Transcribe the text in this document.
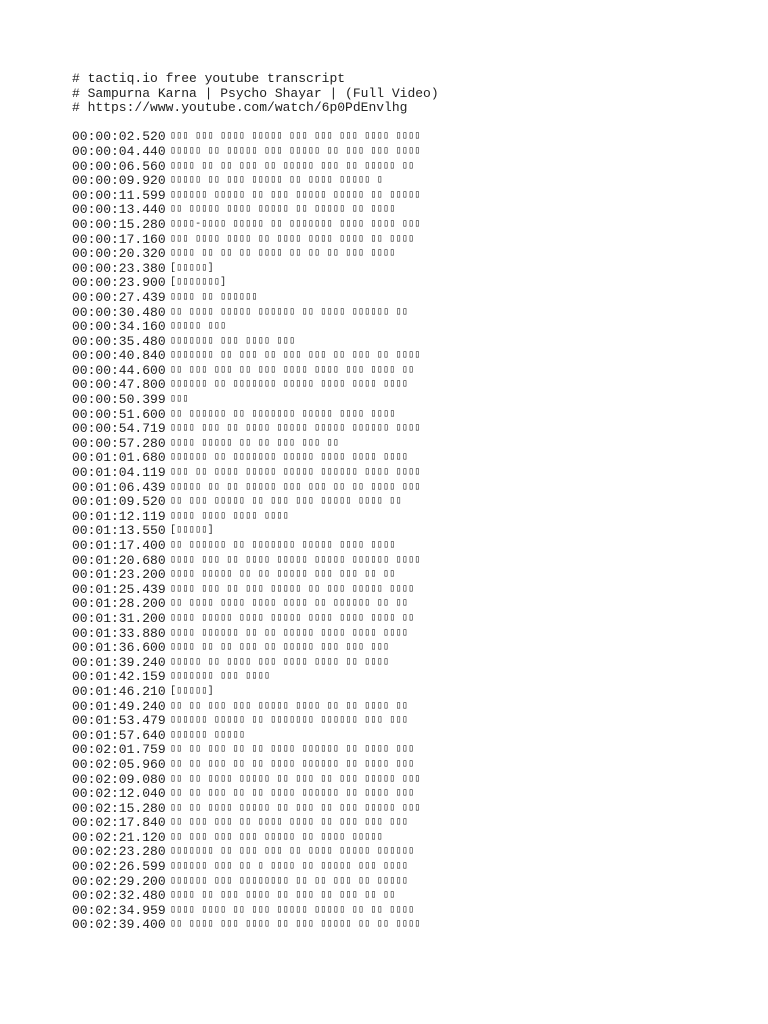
# tactiq.io free youtube transcript
# Sampurna Karna | Psycho Shayar | (Full Video)
# https://www.youtube.com/watch/6p0PdEnvlhg
00:00:02.520 ▯▯▯ ▯▯▯ ▯▯▯▯ ▯▯▯▯▯ ▯▯▯ ▯▯▯ ▯▯▯ ▯▯▯▯ ▯▯▯▯
00:00:04.440 ▯▯▯▯▯ ▯▯ ▯▯▯▯▯ ▯▯▯ ▯▯▯▯▯ ▯▯ ▯▯▯ ▯▯▯ ▯▯▯▯
00:00:06.560 ▯▯▯▯ ▯▯ ▯▯ ▯▯▯ ▯▯ ▯▯▯▯▯ ▯▯▯ ▯▯ ▯▯▯▯▯ ▯▯
00:00:09.920 ▯▯▯▯▯ ▯▯ ▯▯▯ ▯▯▯▯▯ ▯▯ ▯▯▯▯ ▯▯▯▯▯ ▯
00:00:11.599 ▯▯▯▯▯▯ ▯▯▯▯▯ ▯▯ ▯▯▯ ▯▯▯▯▯ ▯▯▯▯▯ ▯▯ ▯▯▯▯▯
00:00:13.440 ▯▯ ▯▯▯▯▯ ▯▯▯▯ ▯▯▯▯▯ ▯▯ ▯▯▯▯▯ ▯▯ ▯▯▯▯
00:00:15.280 ▯▯▯▯-▯▯▯▯ ▯▯▯▯▯ ▯▯ ▯▯▯▯▯▯▯ ▯▯▯▯ ▯▯▯▯ ▯▯▯
00:00:17.160 ▯▯▯ ▯▯▯▯ ▯▯▯▯ ▯▯ ▯▯▯▯ ▯▯▯▯ ▯▯▯▯ ▯▯ ▯▯▯▯
00:00:20.320 ▯▯▯▯ ▯▯ ▯▯ ▯▯ ▯▯▯▯ ▯▯ ▯▯ ▯▯ ▯▯▯ ▯▯▯▯
00:00:23.380 [▯▯▯▯▯]
00:00:23.900 [▯▯▯▯▯▯▯]
00:00:27.439 ▯▯▯▯ ▯▯ ▯▯▯▯▯▯
00:00:30.480 ▯▯ ▯▯▯▯ ▯▯▯▯▯ ▯▯▯▯▯▯ ▯▯ ▯▯▯▯ ▯▯▯▯▯▯ ▯▯
00:00:34.160 ▯▯▯▯▯ ▯▯▯
00:00:35.480 ▯▯▯▯▯▯▯ ▯▯▯ ▯▯▯▯ ▯▯▯
00:00:40.840 ▯▯▯▯▯▯▯ ▯▯ ▯▯▯ ▯▯ ▯▯▯ ▯▯▯ ▯▯ ▯▯▯ ▯▯ ▯▯▯▯
00:00:44.600 ▯▯ ▯▯▯ ▯▯▯ ▯▯ ▯▯▯ ▯▯▯▯ ▯▯▯▯ ▯▯▯ ▯▯▯▯ ▯▯
00:00:47.800 ▯▯▯▯▯▯ ▯▯ ▯▯▯▯▯▯▯ ▯▯▯▯▯ ▯▯▯▯ ▯▯▯▯ ▯▯▯▯
00:00:50.399 ▯▯▯
00:00:51.600 ▯▯ ▯▯▯▯▯▯ ▯▯ ▯▯▯▯▯▯▯ ▯▯▯▯▯ ▯▯▯▯ ▯▯▯▯
00:00:54.719 ▯▯▯▯ ▯▯▯ ▯▯ ▯▯▯▯ ▯▯▯▯▯ ▯▯▯▯▯ ▯▯▯▯▯▯ ▯▯▯▯
00:00:57.280 ▯▯▯▯ ▯▯▯▯▯ ▯▯ ▯▯ ▯▯▯ ▯▯▯ ▯▯
00:01:01.680 ▯▯▯▯▯▯ ▯▯ ▯▯▯▯▯▯▯ ▯▯▯▯▯ ▯▯▯▯ ▯▯▯▯ ▯▯▯▯
00:01:04.119 ▯▯▯ ▯▯ ▯▯▯▯ ▯▯▯▯▯ ▯▯▯▯▯ ▯▯▯▯▯▯ ▯▯▯▯ ▯▯▯▯
00:01:06.439 ▯▯▯▯▯ ▯▯ ▯▯ ▯▯▯▯▯ ▯▯▯ ▯▯▯ ▯▯ ▯▯ ▯▯▯▯ ▯▯▯
00:01:09.520 ▯▯ ▯▯▯ ▯▯▯▯▯ ▯▯ ▯▯▯ ▯▯▯ ▯▯▯▯▯ ▯▯▯▯ ▯▯
00:01:12.119 ▯▯▯▯ ▯▯▯▯ ▯▯▯▯ ▯▯▯▯
00:01:13.550 [▯▯▯▯▯]
00:01:17.400 ▯▯ ▯▯▯▯▯▯ ▯▯ ▯▯▯▯▯▯▯ ▯▯▯▯▯ ▯▯▯▯ ▯▯▯▯
00:01:20.680 ▯▯▯▯ ▯▯▯ ▯▯ ▯▯▯▯ ▯▯▯▯▯ ▯▯▯▯▯ ▯▯▯▯▯▯ ▯▯▯▯
00:01:23.200 ▯▯▯▯ ▯▯▯▯▯ ▯▯ ▯▯ ▯▯▯▯▯ ▯▯▯ ▯▯▯ ▯▯ ▯▯
00:01:25.439 ▯▯▯▯ ▯▯▯ ▯▯ ▯▯▯ ▯▯▯▯▯ ▯▯ ▯▯▯ ▯▯▯▯▯ ▯▯▯▯
00:01:28.200 ▯▯ ▯▯▯▯ ▯▯▯▯ ▯▯▯▯ ▯▯▯▯ ▯▯ ▯▯▯▯▯▯ ▯▯ ▯▯
00:01:31.200 ▯▯▯▯ ▯▯▯▯▯ ▯▯▯▯ ▯▯▯▯▯ ▯▯▯▯ ▯▯▯▯ ▯▯▯▯ ▯▯
00:01:33.880 ▯▯▯▯ ▯▯▯▯▯▯ ▯▯ ▯▯ ▯▯▯▯▯ ▯▯▯▯ ▯▯▯▯ ▯▯▯▯
00:01:36.600 ▯▯▯▯ ▯▯ ▯▯ ▯▯▯ ▯▯ ▯▯▯▯▯ ▯▯▯ ▯▯▯ ▯▯▯
00:01:39.240 ▯▯▯▯▯ ▯▯ ▯▯▯▯ ▯▯▯ ▯▯▯▯ ▯▯▯▯ ▯▯ ▯▯▯▯
00:01:42.159 ▯▯▯▯▯▯▯ ▯▯▯ ▯▯▯▯
00:01:46.210 [▯▯▯▯▯]
00:01:49.240 ▯▯ ▯▯ ▯▯▯ ▯▯▯ ▯▯▯▯▯ ▯▯▯▯ ▯▯ ▯▯ ▯▯▯▯ ▯▯
00:01:53.479 ▯▯▯▯▯▯ ▯▯▯▯▯ ▯▯ ▯▯▯▯▯▯▯ ▯▯▯▯▯▯ ▯▯▯ ▯▯▯
00:01:57.640 ▯▯▯▯▯▯ ▯▯▯▯▯
00:02:01.759 ▯▯ ▯▯ ▯▯▯ ▯▯ ▯▯ ▯▯▯▯ ▯▯▯▯▯▯ ▯▯ ▯▯▯▯ ▯▯▯
00:02:05.960 ▯▯ ▯▯ ▯▯▯ ▯▯ ▯▯ ▯▯▯▯ ▯▯▯▯▯▯ ▯▯ ▯▯▯▯ ▯▯▯
00:02:09.080 ▯▯ ▯▯ ▯▯▯▯ ▯▯▯▯▯ ▯▯ ▯▯▯ ▯▯ ▯▯▯ ▯▯▯▯▯ ▯▯▯
00:02:12.040 ▯▯ ▯▯ ▯▯▯ ▯▯ ▯▯ ▯▯▯▯ ▯▯▯▯▯▯ ▯▯ ▯▯▯▯ ▯▯▯
00:02:15.280 ▯▯ ▯▯ ▯▯▯▯ ▯▯▯▯▯ ▯▯ ▯▯▯ ▯▯ ▯▯▯ ▯▯▯▯▯ ▯▯▯
00:02:17.840 ▯▯ ▯▯▯ ▯▯▯ ▯▯ ▯▯▯▯ ▯▯▯▯ ▯▯ ▯▯▯ ▯▯▯ ▯▯▯
00:02:21.120 ▯▯ ▯▯▯ ▯▯▯ ▯▯▯ ▯▯▯▯▯ ▯▯ ▯▯▯▯ ▯▯▯▯▯
00:02:23.280 ▯▯▯▯▯▯▯ ▯▯ ▯▯▯ ▯▯▯ ▯▯ ▯▯▯▯ ▯▯▯▯▯ ▯▯▯▯▯▯
00:02:26.599 ▯▯▯▯▯▯ ▯▯▯ ▯▯ ▯ ▯▯▯▯ ▯▯ ▯▯▯▯▯ ▯▯▯ ▯▯▯▯
00:02:29.200 ▯▯▯▯▯▯ ▯▯▯ ▯▯▯▯▯▯▯▯ ▯▯ ▯▯ ▯▯▯ ▯▯ ▯▯▯▯▯
00:02:32.480 ▯▯▯▯ ▯▯ ▯▯▯ ▯▯▯▯ ▯▯ ▯▯▯ ▯▯ ▯▯▯ ▯▯ ▯▯
00:02:34.959 ▯▯▯▯ ▯▯▯▯ ▯▯ ▯▯▯ ▯▯▯▯▯ ▯▯▯▯▯ ▯▯ ▯▯ ▯▯▯▯
00:02:39.400 ▯▯ ▯▯▯▯ ▯▯▯ ▯▯▯▯ ▯▯ ▯▯▯ ▯▯▯▯▯ ▯▯ ▯▯ ▯▯▯▯
